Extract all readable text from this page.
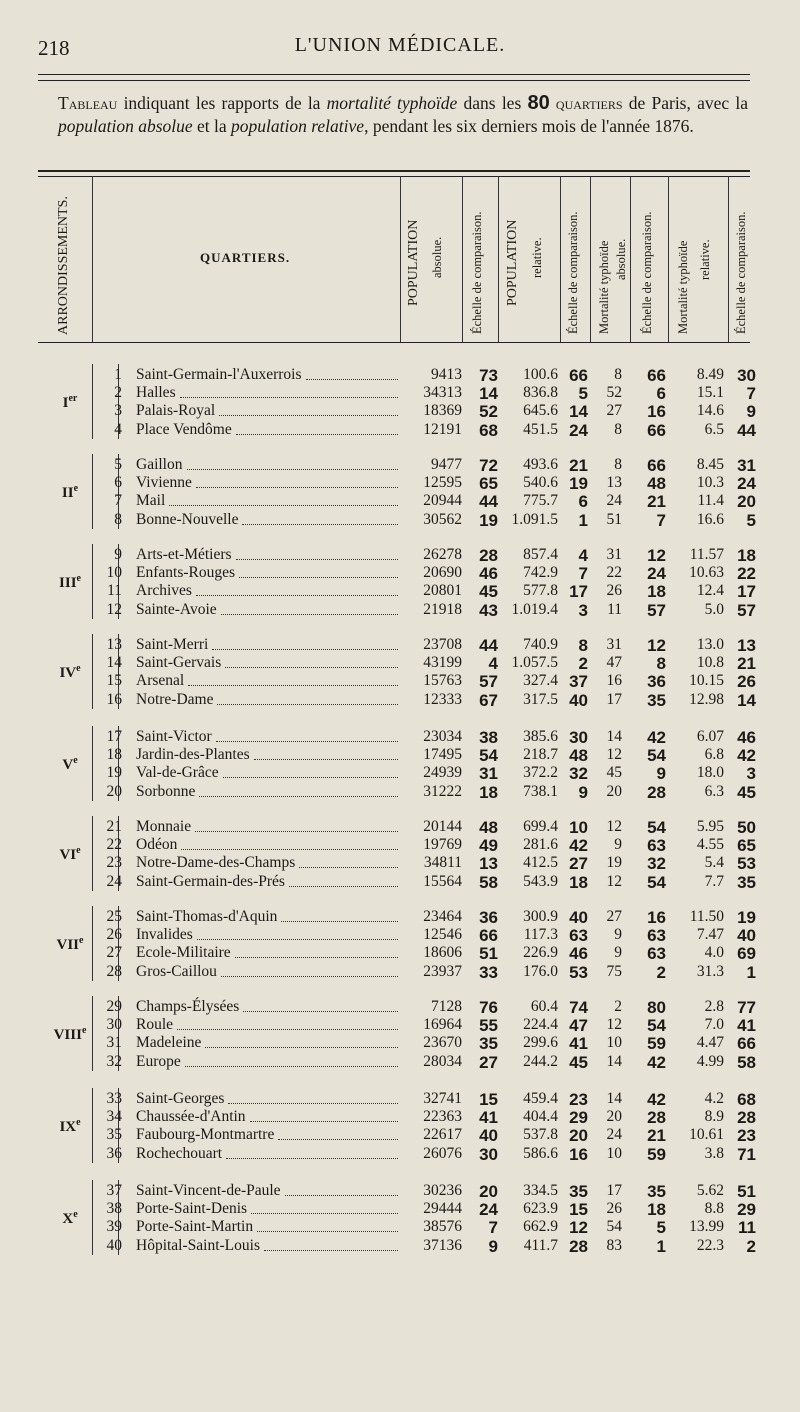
218	L'UNION MÉDICALE.
Tableau indiquant les rapports de la mortalité typhoïde dans les 80 quartiers de Paris, avec la population absolue et la population relative, pendant les six derniers mois de l'année 1876.
ARRONDISSEMENTS.	QUARTIERS.	POPULATION absolue. Échelle de comparaison. POPULATION relative. Échelle de comparaison. Mortalité typhoïde absolue. Échelle de comparaison. Mortalité typhoïde relative. Échelle de comparaison.
Ier
1 Saint-Germain-l'Auxerrois	9413	73	100.6 66	8	66	8.49 30
2 Halles	34313	14	836.8	5	52	6	15.1	7
3 Palais-Royal	18369	52	645.6 14	27	16	14.6	9
4 Place Vendôme	12191	68	451.5 24	8	66	6.5 44
IIe
5 Gaillon	9477	72	493.6 21	8	66	8.45 31
6 Vivienne	12595	65	540.6 19	13	48	10.3 24
7 Mail	20944	44	775.7	6	24	21	11.4 20
8 Bonne-Nouvelle	30562	19 1.091.5	1	51	7	16.6	5
IIIe
9 Arts-et-Métiers	26278	28	857.4	4	31	12	11.57 18
10 Enfants-Rouges	20690	46	742.9	7	22	24	10.63 22
11 Archives	20801	45	577.8 17	26	18	12.4 17
12 Sainte-Avoie	21918	43 1.019.4	3	11	57	5.0 57
IVe
13 Saint-Merri	23708	44	740.9	8	31	12	13.0 13
14 Saint-Gervais	43199	4 1.057.5	2	47	8	10.8 21
15 Arsenal	15763	57	327.4 37	16	36	10.15 26
16 Notre-Dame	12333	67	317.5 40	17	35	12.98 14
Ve
17 Saint-Victor	23034	38	385.6 30	14	42	6.07 46
18 Jardin-des-Plantes	17495	54	218.7 48	12	54	6.8 42
19 Val-de-Grâce	24939	31	372.2 32	45	9	18.0	3
20 Sorbonne	31222	18	738.1	9	20	28	6.3 45
VIe
21 Monnaie	20144	48	699.4 10	12	54	5.95 50
22 Odéon	19769	49	281.6 42	9	63	4.55 65
23 Notre-Dame-des-Champs	34811	13	412.5 27	19	32	5.4 53
24 Saint-Germain-des-Prés	15564	58	543.9 18	12	54	7.7 35
VIIe
25 Saint-Thomas-d'Aquin	23464	36	300.9 40	27	16	11.50 19
26 Invalides	12546	66	117.3 63	9	63	7.47 40
27 Ecole-Militaire	18606	51	226.9 46	9	63	4.0 69
28 Gros-Caillou	23937	33	176.0 53	75	2	31.3	1
VIIIe
29 Champs-Élysées	7128	76	60.4 74	2	80	2.8 77
30 Roule	16964	55	224.4 47	12	54	7.0 41
31 Madeleine	23670	35	299.6 41	10	59	4.47 66
32 Europe	28034	27	244.2 45	14	42	4.99 58
IXe
33 Saint-Georges	32741	15	459.4 23	14	42	4.2 68
34 Chaussée-d'Antin	22363	41	404.4 29	20	28	8.9 28
35 Faubourg-Montmartre	22617	40	537.8 20	24	21	10.61 23
36 Rochechouart	26076	30	586.6 16	10	59	3.8 71
Xe
37 Saint-Vincent-de-Paule	30236	20	334.5 35	17	35	5.62 51
38 Porte-Saint-Denis	29444	24	623.9 15	26	18	8.8 29
39 Porte-Saint-Martin	38576	7	662.9 12	54	5	13.99 11
40 Hôpital-Saint-Louis	37136	9	411.7 28	83	1	22.3	2
